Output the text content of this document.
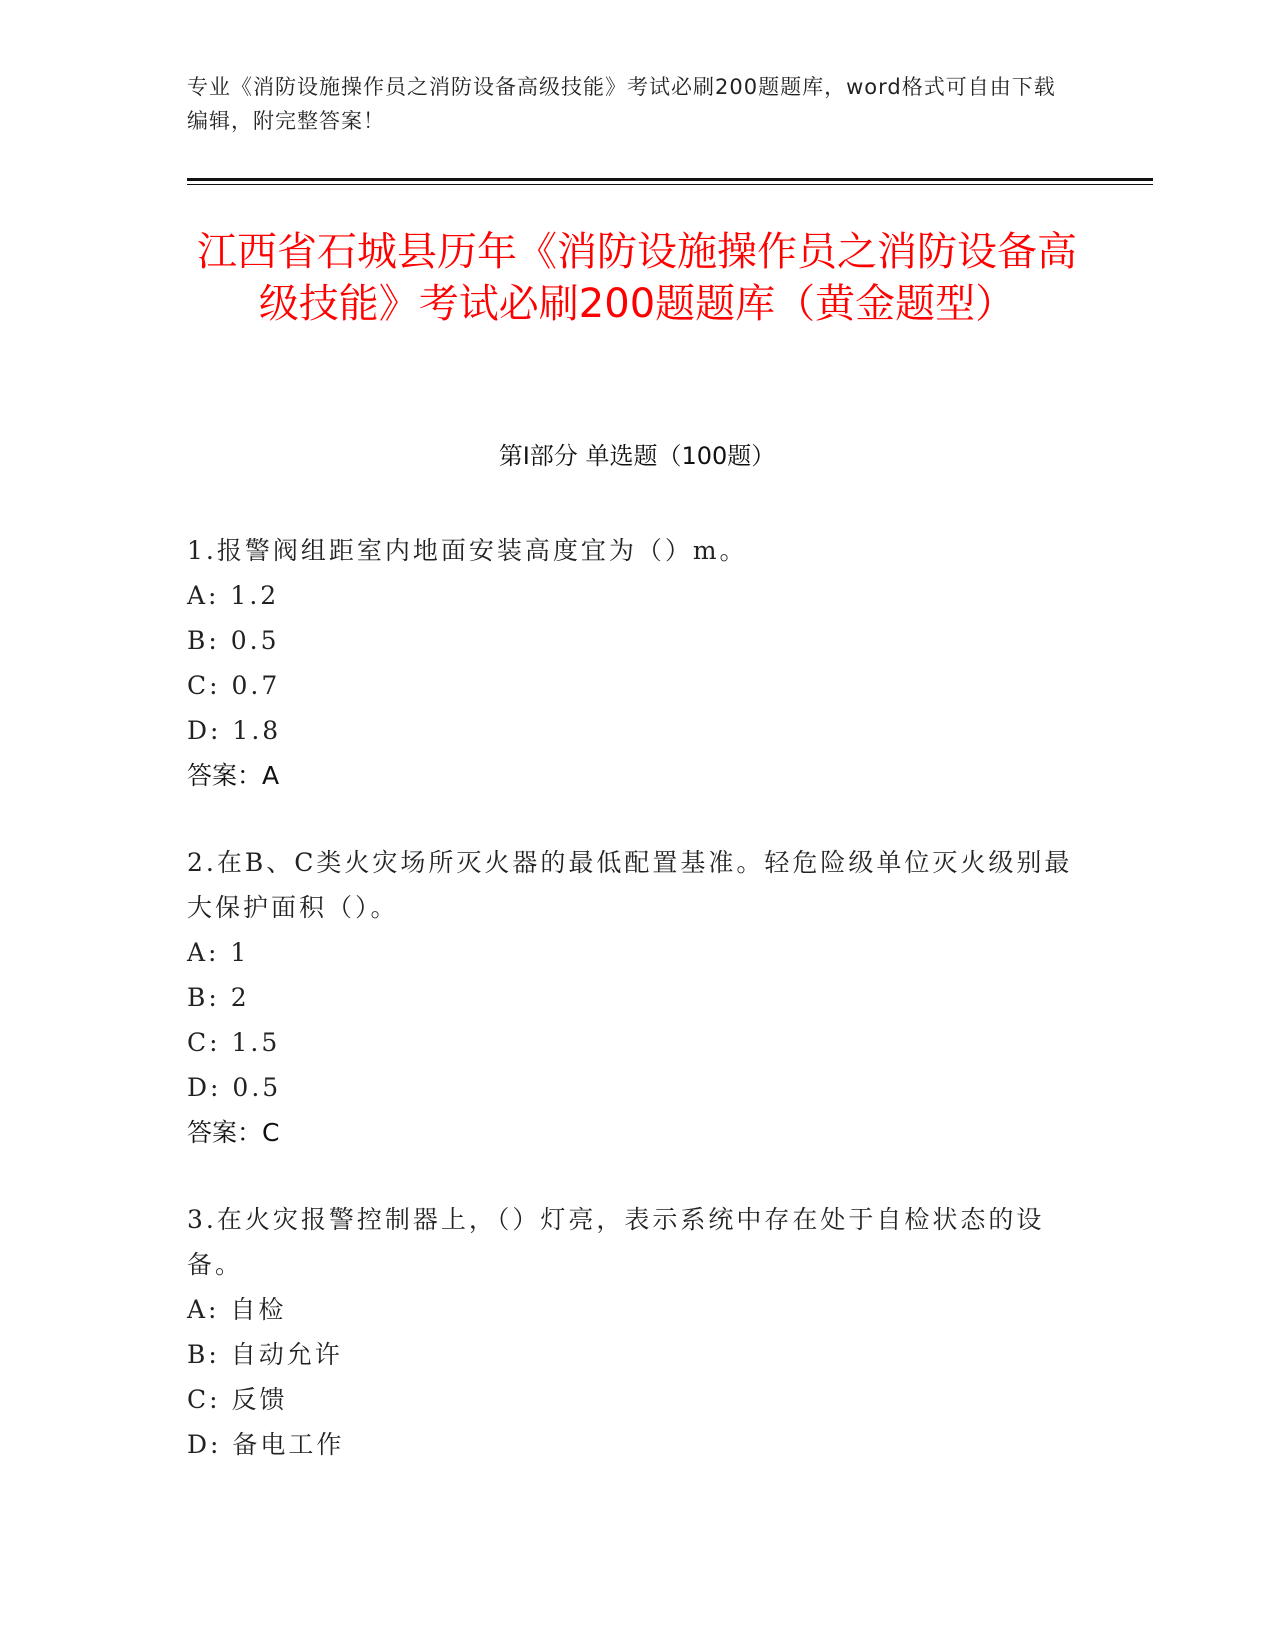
专业《消防设施操作员之消防设备高级技能》考试必刷200题题库，word格式可自由下载编辑，附完整答案！
江西省石城县历年《消防设施操作员之消防设备高级技能》考试必刷200题题库（黄金题型）
第Ⅰ部分 单选题（100题）
1.报警阀组距室内地面安装高度宜为（）m。
A: 1.2
B: 0.5
C: 0.7
D: 1.8
答案：A
2.在B、C类火灾场所灭火器的最低配置基准。轻危险级单位灭火级别最大保护面积（）。
A: 1
B: 2
C: 1.5
D: 0.5
答案：C
3.在火灾报警控制器上，（）灯亮，表示系统中存在处于自检状态的设备。
A: 自检
B: 自动允许
C: 反馈
D: 备电工作
